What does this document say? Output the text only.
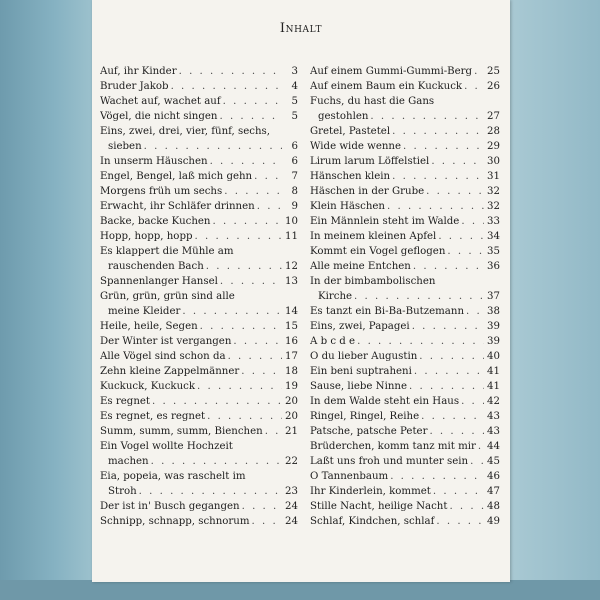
Inhalt
Auf, ihr Kinder . . .	3
Bruder Jakob . . .	4
Wachet auf, wachet auf . . .	5
Vögel, die nicht singen . . .	5
Eins, zwei, drei, vier, fünf, sechs,
sieben . . .	6
In unserm Häuschen . . .	6
Engel, Bengel, laß mich gehn . . .	7
Morgens früh um sechs . . .	8
Erwacht, ihr Schläfer drinnen . . .	9
Backe, backe Kuchen . . .	10
Hopp, hopp, hopp . . .	11
Es klappert die Mühle am
rauschenden Bach . . .	12
Spannenlanger Hansel . . .	13
Grün, grün, grün sind alle
meine Kleider . . .	14
Heile, heile, Segen . . .	15
Der Winter ist vergangen . . .	16
Alle Vögel sind schon da . . .	17
Zehn kleine Zappelmänner . . .	18
Kuckuck, Kuckuck . . .	19
Es regnet . . .	20
Es regnet, es regnet . . .	20
Summ, summ, summ, Bienchen . . . 21
Ein Vogel wollte Hochzeit
machen . . .	22
Eia, popeia, was raschelt im
Stroh . . .	23
Der ist in' Busch gegangen . . .	24
Schnipp, schnapp, schnorum . . .	24
Auf einem Gummi-Gummi-Berg . . . 25
Auf einem Baum ein Kuckuck . . . 26
Fuchs, du hast die Gans
gestohlen . . .	27
Gretel, Pastetel . . .	28
Wide wide wenne . . .	29
Lirum larum Löffelstiel . . .	30
Hänschen klein . . .	31
Häschen in der Grube . . .	32
Klein Häschen . . .	32
Ein Männlein steht im Walde . . .	33
In meinem kleinen Apfel . . .	34
Kommt ein Vogel geflogen . . .	35
Alle meine Entchen . . .	36
In der bimbambolischen
Kirche . . .	37
Es tanzt ein Bi-Ba-Butzemann . . . 38
Eins, zwei, Papagei . . .	39
A b c d e . . .	39
O du lieber Augustin . . .	40
Ein beni suptraheni . . .	41
Sause, liebe Ninne . . .	41
In dem Walde steht ein Haus . . .	42
Ringel, Ringel, Reihe . . .	43
Patsche, patsche Peter . . .	43
Brüderchen, komm tanz mit mir . . . 44
Laßt uns froh und munter sein . . . 45
O Tannenbaum . . .	46
Ihr Kinderlein, kommet . . .	47
Stille Nacht, heilige Nacht . . .	48
Schlaf, Kindchen, schlaf . . .	49
